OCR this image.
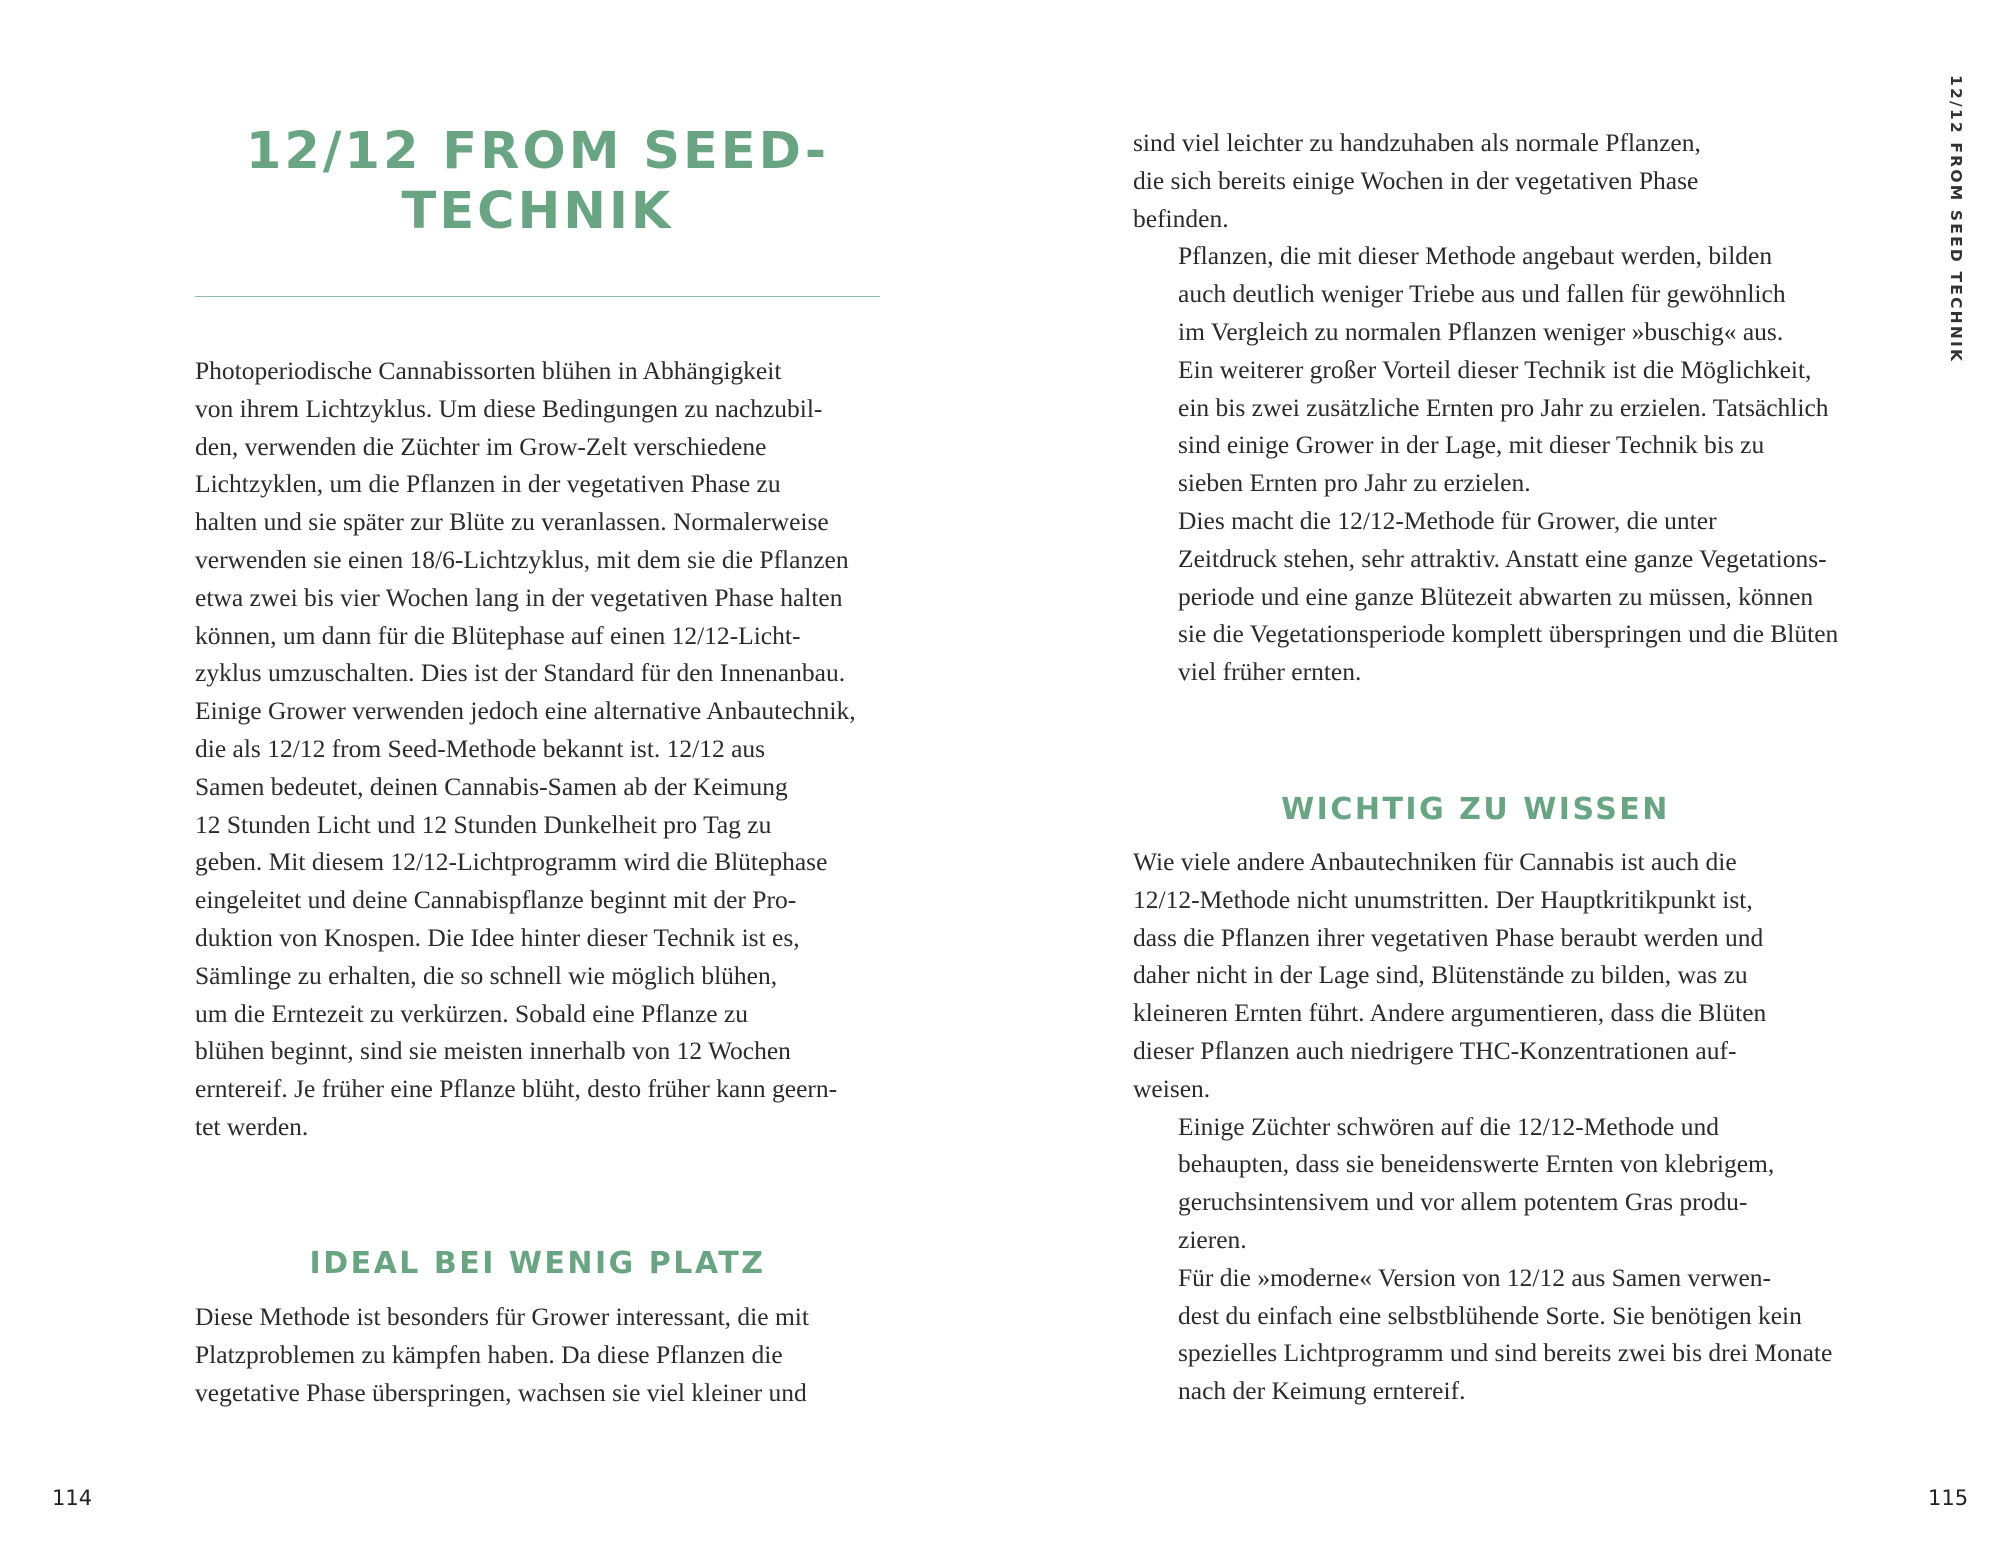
12/12 FROM SEED-
TECHNIK

Photoperiodische Cannabissorten blühen in Abhängigkeit
von ihrem Lichtzyklus. Um diese Bedingungen zu nachzubil-
den, verwenden die Züchter im Grow-Zelt verschiedene
Lichtzyklen, um die Pflanzen in der vegetativen Phase zu
halten und sie später zur Blüte zu veranlassen. Normalerweise
verwenden sie einen 18/6-Lichtzyklus, mit dem sie die Pflanzen
etwa zwei bis vier Wochen lang in der vegetativen Phase halten
können, um dann für die Blütephase auf einen 12/12-Licht-
zyklus umzuschalten. Dies ist der Standard für den Innenanbau.
Einige Grower verwenden jedoch eine alternative Anbautechnik,
die als 12/12 from Seed-Methode bekannt ist. 12/12 aus
Samen bedeutet, deinen Cannabis-Samen ab der Keimung
12 Stunden Licht und 12 Stunden Dunkelheit pro Tag zu
geben. Mit diesem 12/12-Lichtprogramm wird die Blütephase
eingeleitet und deine Cannabispflanze beginnt mit der Pro-
duktion von Knospen. Die Idee hinter dieser Technik ist es,
Sämlinge zu erhalten, die so schnell wie möglich blühen,
um die Erntezeit zu verkürzen. Sobald eine Pflanze zu
blühen beginnt, sind sie meisten innerhalb von 12 Wochen
erntereif. Je früher eine Pflanze blüht, desto früher kann geern-
tet werden.

IDEAL BEI WENIG PLATZ

Diese Methode ist besonders für Grower interessant, die mit
Platzproblemen zu kämpfen haben. Da diese Pflanzen die
vegetative Phase überspringen, wachsen sie viel kleiner und

114

sind viel leichter zu handzuhaben als normale Pflanzen,
die sich bereits einige Wochen in der vegetativen Phase
befinden.

Pflanzen, die mit dieser Methode angebaut werden, bilden
auch deutlich weniger Triebe aus und fallen für gewöhnlich
im Vergleich zu normalen Pflanzen weniger »buschig« aus.
Ein weiterer großer Vorteil dieser Technik ist die Möglichkeit,
ein bis zwei zusätzliche Ernten pro Jahr zu erzielen. Tatsächlich
sind einige Grower in der Lage, mit dieser Technik bis zu
sieben Ernten pro Jahr zu erzielen.

Dies macht die 12/12-Methode für Grower, die unter
Zeitdruck stehen, sehr attraktiv. Anstatt eine ganze Vegetations-
periode und eine ganze Blütezeit abwarten zu müssen, können
sie die Vegetationsperiode komplett überspringen und die Blüten
viel früher ernten.

WICHTIG ZU WISSEN

Wie viele andere Anbautechniken für Cannabis ist auch die
12/12-Methode nicht unumstritten. Der Hauptkritikpunkt ist,
dass die Pflanzen ihrer vegetativen Phase beraubt werden und
daher nicht in der Lage sind, Blütenstände zu bilden, was zu
kleineren Ernten führt. Andere argumentieren, dass die Blüten
dieser Pflanzen auch niedrigere THC-Konzentrationen auf-
weisen.

Einige Züchter schwören auf die 12/12-Methode und
behaupten, dass sie beneidenswerte Ernten von klebrigem,
geruchsintensivem und vor allem potentem Gras produ-
zieren.

Für die »moderne« Version von 12/12 aus Samen verwen-
dest du einfach eine selbstblühende Sorte. Sie benötigen kein
spezielles Lichtprogramm und sind bereits zwei bis drei Monate
nach der Keimung erntereif.

115
12/12 FROM SEED TECHNIK
